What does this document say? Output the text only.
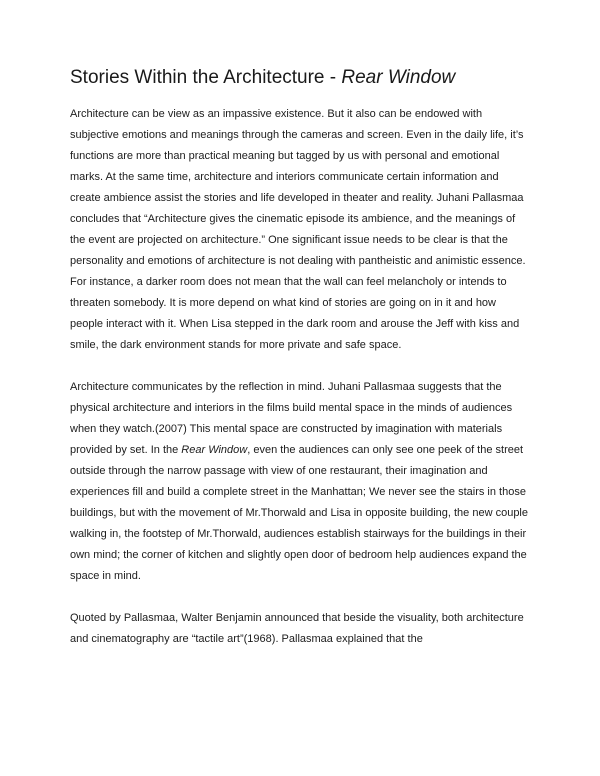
Stories Within the Architecture - Rear Window

Architecture can be view as an impassive existence. But it also can be endowed with subjective emotions and meanings through the cameras and screen. Even in the daily life, it’s functions are more than practical meaning but tagged by us with personal and emotional marks. At the same time, architecture and interiors communicate certain information and create ambience assist the stories and life developed in theater and reality. Juhani Pallasmaa concludes that “Architecture gives the cinematic episode its ambience, and the meanings of the event are projected on architecture.” One significant issue needs to be clear is that the personality and emotions of architecture is not dealing with pantheistic and animistic essence. For instance, a darker room does not mean that the wall can feel melancholy or intends to threaten somebody. It is more depend on what kind of stories are going on in it and how people interact with it. When Lisa stepped in the dark room and arouse the Jeff with kiss and smile, the dark environment stands for more private and safe space.

Architecture communicates by the reflection in mind. Juhani Pallasmaa suggests that the physical architecture and interiors in the films build mental space in the minds of audiences when they watch.(2007) This mental space are constructed by imagination with materials provided by set. In the Rear Window, even the audiences can only see one peek of the street outside through the narrow passage with view of one restaurant, their imagination and experiences fill and build a complete street in the Manhattan; We never see the stairs in those buildings, but with the movement of Mr.Thorwald and Lisa in opposite building, the new couple walking in, the footstep of Mr.Thorwald, audiences establish stairways for the buildings in their own mind; the corner of kitchen and slightly open door of bedroom help audiences expand the space in mind.

Quoted by Pallasmaa, Walter Benjamin announced that beside the visuality, both architecture and cinematography are “tactile art”(1968). Pallasmaa explained that the
